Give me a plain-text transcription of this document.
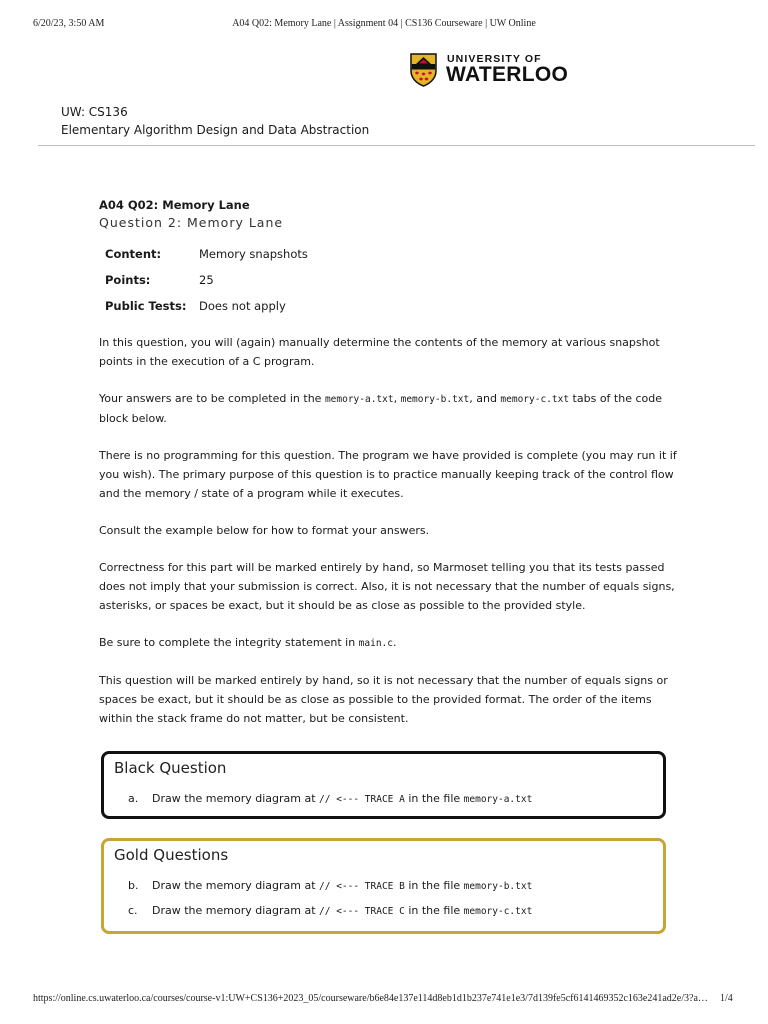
6/20/23, 3:50 AM	A04 Q02: Memory Lane | Assignment 04 | CS136 Courseware | UW Online
UNIVERSITY OF
WATERLOO
UW: CS136
Elementary Algorithm Design and Data Abstraction
A04 Q02: Memory Lane
Question 2: Memory Lane
Content:	Memory snapshots
Points:	25
Public Tests:	Does not apply

In this question, you will (again) manually determine the contents of the memory at various snapshot points in the execution of a C program.

Your answers are to be completed in the memory-a.txt, memory-b.txt, and memory-c.txt tabs of the code block below.

There is no programming for this question. The program we have provided is complete (you may run it if you wish). The primary purpose of this question is to practice manually keeping track of the control flow and the memory / state of a program while it executes.

Consult the example below for how to format your answers.

Correctness for this part will be marked entirely by hand, so Marmoset telling you that its tests passed does not imply that your submission is correct. Also, it is not necessary that the number of equals signs, asterisks, or spaces be exact, but it should be as close as possible to the provided style.

Be sure to complete the integrity statement in main.c.

This question will be marked entirely by hand, so it is not necessary that the number of equals signs or spaces be exact, but it should be as close as possible to the provided format. The order of the items within the stack frame do not matter, but be consistent.

Black Question
a. Draw the memory diagram at // <--- TRACE A in the file memory-a.txt
Gold Questions
b. Draw the memory diagram at // <--- TRACE B in the file memory-b.txt
c. Draw the memory diagram at // <--- TRACE C in the file memory-c.txt
https://online.cs.uwaterloo.ca/courses/course-v1:UW+CS136+2023_05/courseware/b6e84e137e114d8eb1d1b237e741e1e3/7d139fe5cf6141469352c163e241ad2e/3?a… 1/4
